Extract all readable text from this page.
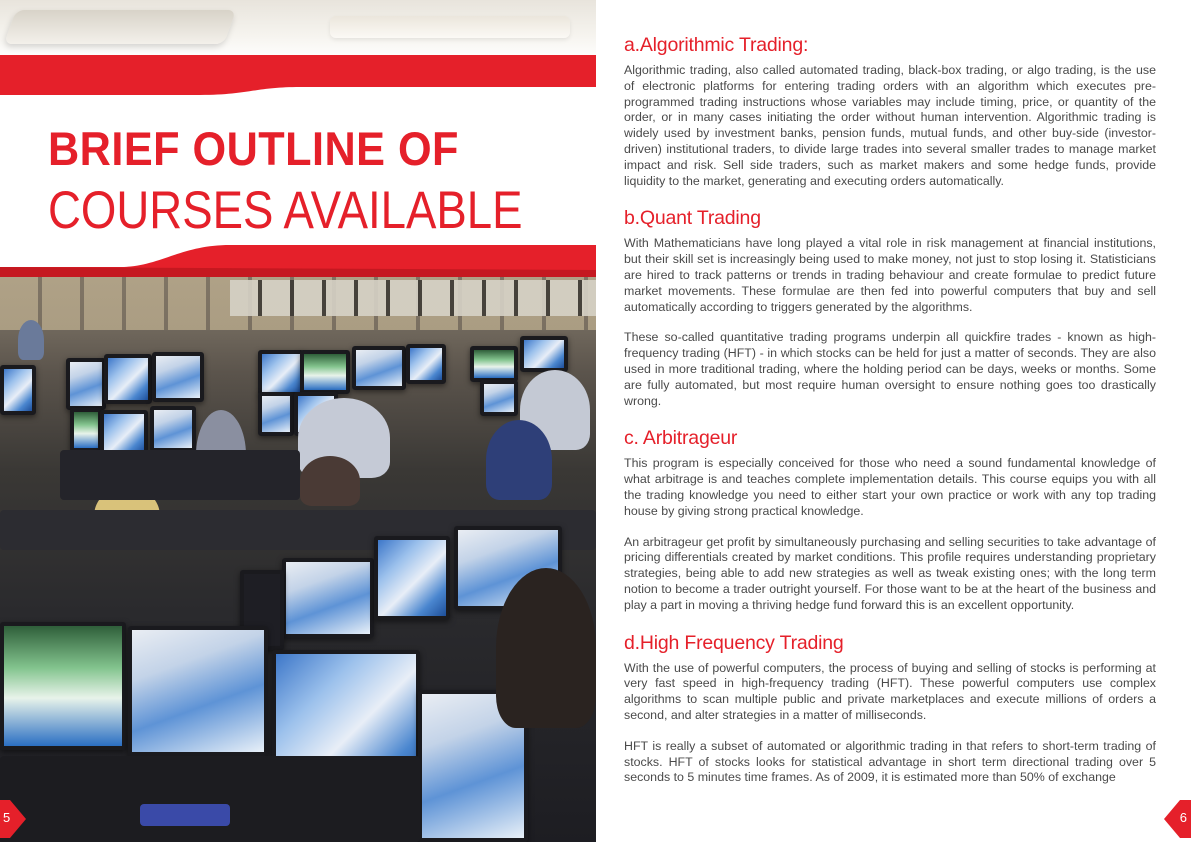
BRIEF OUTLINE OF
COURSES AVAILABLE
5
a.Algorithmic Trading:

Algorithmic trading, also called automated trading, black-box trading, or algo trading, is the use of electronic platforms for entering trading orders with an algorithm which executes pre-programmed trading instructions whose variables may include timing, price, or quantity of the order, or in many cases initiating the order without human intervention. Algorithmic trading is widely used by investment banks, pension funds, mutual funds, and other buy-side (investor-driven) institutional traders, to divide large trades into several smaller trades to manage market impact and risk. Sell side traders, such as market makers and some hedge funds, provide liquidity to the market, generating and executing orders automatically.

b.Quant Trading

With Mathematicians have long played a vital role in risk management at financial institutions, but their skill set is increasingly being used to make money, not just to stop losing it. Statisticians are hired to track patterns or trends in trading behaviour and create formulae to predict future market movements. These formulae are then fed into powerful computers that buy and sell automatically according to triggers generated by the algorithms.

These so-called quantitative trading programs underpin all quickfire trades - known as high-frequency trading (HFT) - in which stocks can be held for just a matter of seconds. They are also used in more traditional trading, where the holding period can be days, weeks or months. Some are fully automated, but most require human oversight to ensure nothing goes too drastically wrong.

c. Arbitrageur

This program is especially conceived for those who need a sound fundamental knowledge of what arbitrage is and teaches complete implementation details. This course equips you with all the trading knowledge you need to either start your own practice or work with any top trading house by giving strong practical knowledge.

An arbitrageur get profit by simultaneously purchasing and selling securities to take advantage of pricing differentials created by market conditions. This profile requires understanding proprietary strategies, being able to add new strategies as well as tweak existing ones; with the long term notion to become a trader outright yourself. For those want to be at the heart of the business and play a part in moving a thriving hedge fund forward this is an excellent opportunity.

d.High Frequency Trading

With the use of powerful computers, the process of buying and selling of stocks is performing at very fast speed in high-frequency trading (HFT). These powerful computers use complex algorithms to scan multiple public and private marketplaces and execute millions of orders a second, and alter strategies in a matter of milliseconds.

HFT is really a subset of automated or algorithmic trading in that refers to short-term trading of stocks. HFT of stocks looks for statistical advantage in short term directional trading over 5 seconds to 5 minutes time frames. As of 2009, it is estimated more than 50% of exchange

6
